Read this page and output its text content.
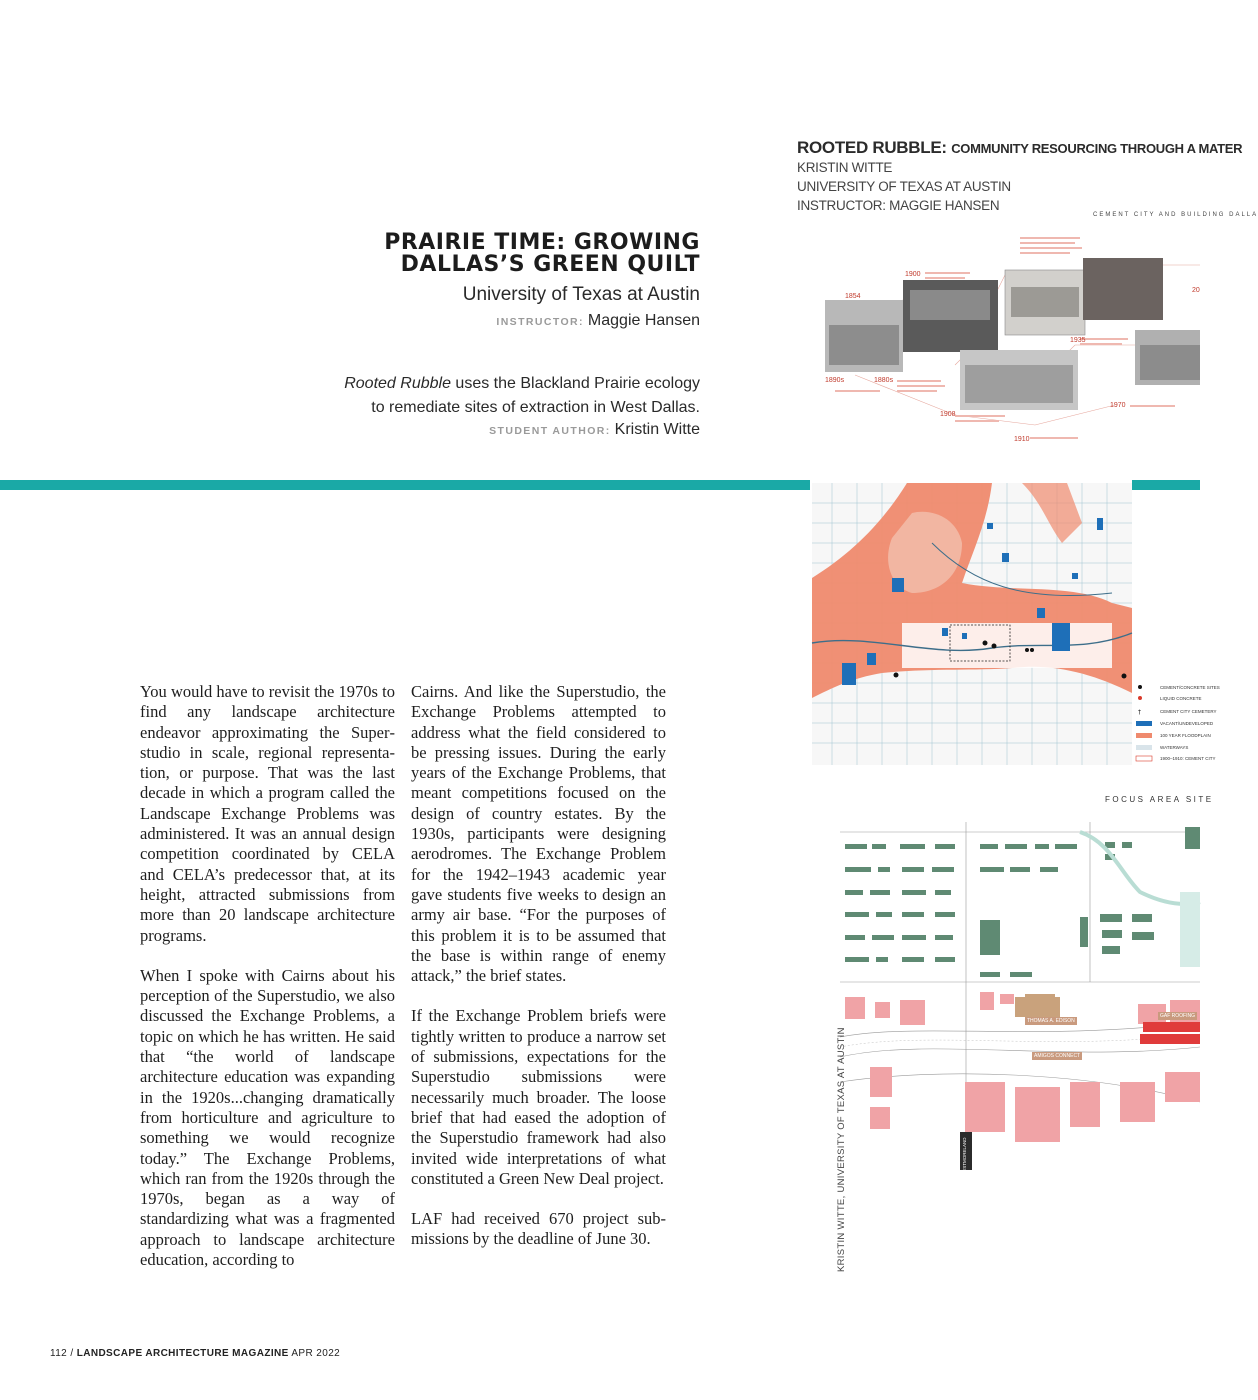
PRAIRIE TIME: GROWING
DALLAS’S GREEN QUILT
University of Texas at Austin
INSTRUCTOR: Maggie Hansen
Rooted Rubble uses the Blackland Prairie ecology
to remediate sites of extraction in West Dallas.
STUDENT AUTHOR: Kristin Witte

You would have to revisit the 1970s to find any landscape architecture endeavor approximating the Superstudio in scale, regional representation, or purpose. That was the last decade in which a program called the Landscape Exchange Problems was administered. It was an annual design competition coordinated by CELA and CELA’s predecessor that, at its height, attracted submissions from more than 20 landscape architecture programs.

When I spoke with Cairns about his perception of the Superstudio, we also discussed the Exchange Problems, a topic on which he has written. He said that “the world of landscape architecture education was expanding in the 1920s...changing dramatically from horticulture and agriculture to something we would recognize today.” The Exchange Problems, which ran from the 1920s through the 1970s, began as a way of standardizing what was a fragmented approach to landscape architecture education, according to

Cairns. And like the Superstudio, the Exchange Problems attempted to address what the field considered to be pressing issues. During the early years of the Exchange Problems, that meant competitions focused on the design of country estates. By the 1930s, participants were designing aerodromes. The Exchange Problem for the 1942–1943 academic year gave students five weeks to design an army air base. “For the purposes of this problem it is to be assumed that the base is within range of enemy attack,” the brief states.

If the Exchange Problem briefs were tightly written to produce a narrow set of submissions, expectations for the Superstudio submissions were necessarily much broader. The loose brief that had eased the adoption of the Superstudio framework had also invited wide interpretations of what constituted a Green New Deal project.

LAF had received 670 project submissions by the deadline of June 30.

112 / LANDSCAPE ARCHITECTURE MAGAZINE APR 2022
ROOTED RUBBLE: COMMUNITY RESOURCING THROUGH A MATER
KRISTIN WITTE
UNIVERSITY OF TEXAS AT AUSTIN
INSTRUCTOR: MAGGIE HANSEN
CEMENT CITY AND BUILDING DALLA
1854
1880s
1890s
1900
1908
1910
1935
1970
20
†
CEMENT/CONCRETE SITES
LIQUID CONCRETE
CEMENT CITY CEMETERY
VACANT/UNDEVELOPED
100 YEAR FLOODPLAIN
WATERWAYS
1900–1910: CEMENT CITY
FOCUS AREA SITE
THOMAS A. EDISON
AMIGOS CONNECT
GAF ROOFING
WESTMORELAND
KRISTIN WITTE, UNIVERSITY OF TEXAS AT AUSTIN
